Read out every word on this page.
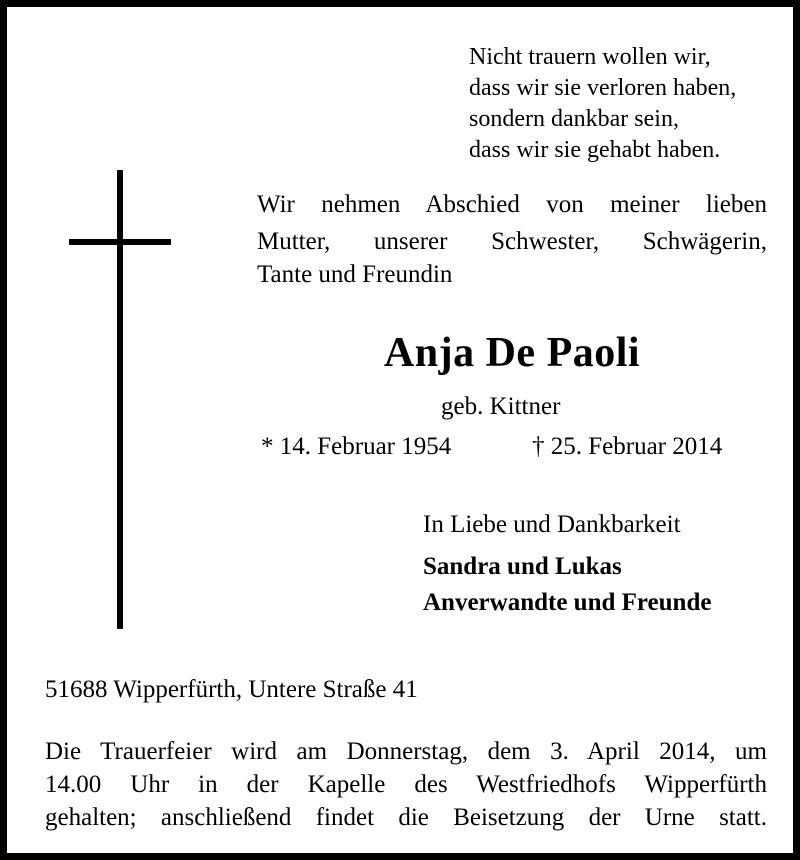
Nicht trauern wollen wir,

dass wir sie verloren haben,

sondern dankbar sein,

dass wir sie gehabt haben.

Wir nehmen Abschied von meiner lieben

Mutter, unserer Schwester, Schwägerin,

Tante und Freundin

Anja De Paoli

geb. Kittner

* 14. Februar 1954	† 25. Februar 2014

In Liebe und Dankbarkeit

Sandra und Lukas

Anverwandte und Freunde

51688 Wipperfürth, Untere Straße 41

Die Trauerfeier wird am Donnerstag, dem 3. April 2014, um

14.00 Uhr in der Kapelle des Westfriedhofs Wipperfürth

gehalten; anschließend findet die Beisetzung der Urne statt.
